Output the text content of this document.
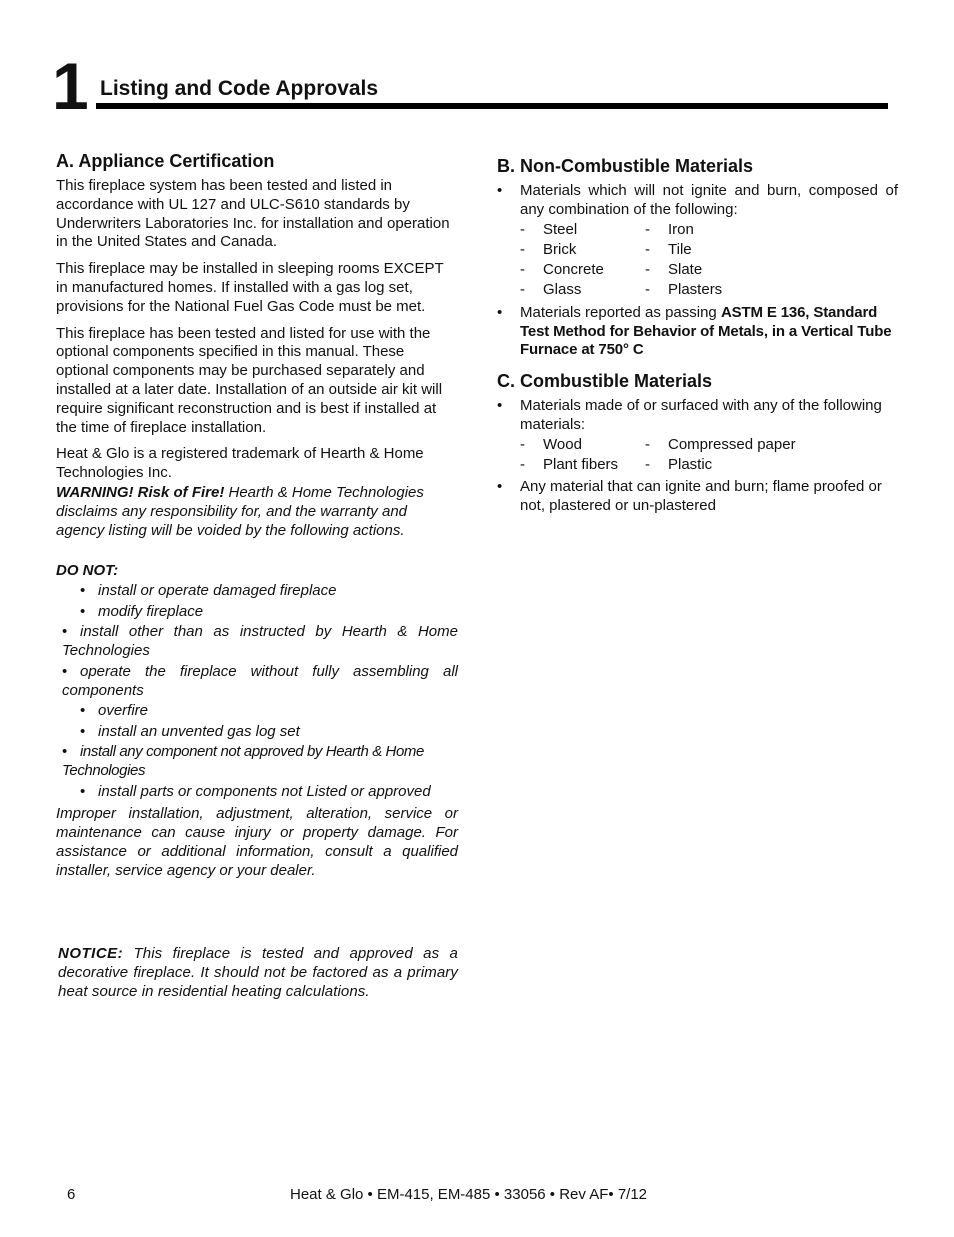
1 Listing and Code Approvals
A. Appliance Certification

This fireplace system has been tested and listed in accordance with UL 127 and ULC-S610 standards by Underwriters Laboratories Inc. for installation and operation in the United States and Canada.

This fireplace may be installed in sleeping rooms EXCEPT in manufactured homes. If installed with a gas log set, provisions for the National Fuel Gas Code must be met.

This fireplace has been tested and listed for use with the optional components specified in this manual. These optional components may be purchased separately and installed at a later date. Installation of an outside air kit will require significant reconstruction and is best if installed at the time of fireplace installation.

Heat & Glo is a registered trademark of Hearth & Home Technologies Inc.

WARNING! Risk of Fire! Hearth & Home Technologies disclaims any responsibility for, and the warranty and agency listing will be voided by the following actions.

DO NOT:
• install or operate damaged fireplace
• modify fireplace
• install other than as instructed by Hearth & Home Technologies
• operate the fireplace without fully assembling all components
• overfire
• install an unvented gas log set
• install any component not approved by Hearth & Home Technologies
• install parts or components not Listed or approved

Improper installation, adjustment, alteration, service or maintenance can cause injury or property damage. For assistance or additional information, consult a qualified installer, service agency or your dealer.

NOTICE: This fireplace is tested and approved as a decorative fireplace. It should not be factored as a primary heat source in residential heating calculations.
B. Non-Combustible Materials
• Materials which will not ignite and burn, composed of any combination of the following:
- Steel	- Iron
- Brick	- Tile
- Concrete	- Slate
- Glass	- Plasters
• Materials reported as passing ASTM E 136, Standard Test Method for Behavior of Metals, in a Vertical Tube Furnace at 750° C
C. Combustible Materials
• Materials made of or surfaced with any of the following materials:
- Wood	- Compressed paper
- Plant fibers	- Plastic
• Any material that can ignite and burn; flame proofed or not, plastered or un-plastered
6	Heat & Glo • EM-415, EM-485 • 33056 • Rev AF• 7/12
